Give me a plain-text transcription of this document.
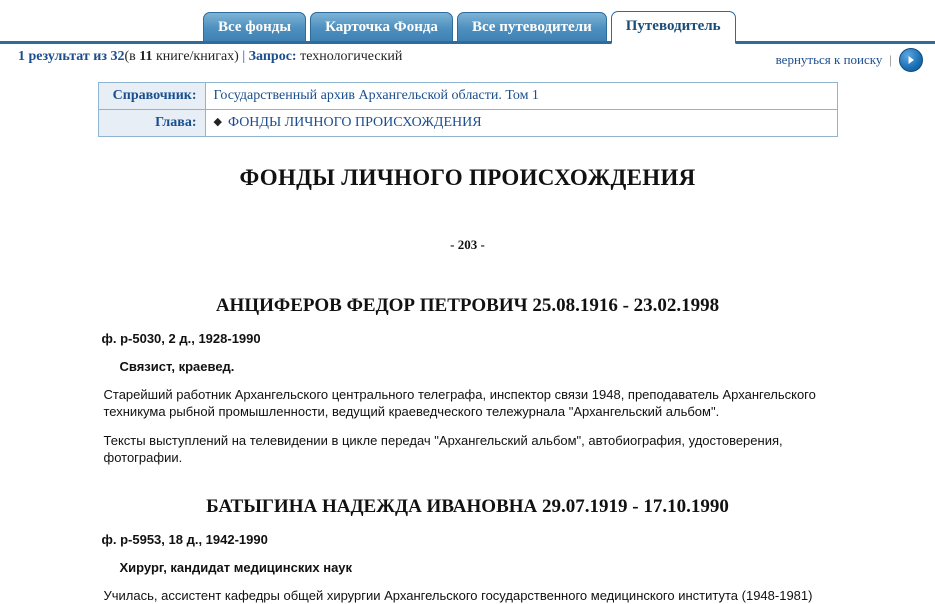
Все фонды	Карточка Фонда	Все путеводители	Путеводитель
1 результат из 32(в 11 книге/книгах) | Запрос: технологический	вернуться к поиску |
Справочник:	Государственный архив Архангельской области. Том 1
Глава:	◆ ФОНДЫ ЛИЧНОГО ПРОИСХОЖДЕНИЯ
ФОНДЫ ЛИЧНОГО ПРОИСХОЖДЕНИЯ
- 203 -
АНЦИФЕРОВ ФЕДОР ПЕТРОВИЧ 25.08.1916 - 23.02.1998
ф. р-5030, 2 д., 1928-1990
Связист, краевед.
Старейший работник Архангельского центрального телеграфа, инспектор связи 1948, преподаватель Архангельского техникума рыбной промышленности, ведущий краеведческого тележурнала "Архангельский альбом".
Тексты выступлений на телевидении в цикле передач "Архангельский альбом", автобиография, удостоверения, фотографии.
БАТЫГИНА НАДЕЖДА ИВАНОВНА 29.07.1919 - 17.10.1990
ф. р-5953, 18 д., 1942-1990
Хирург, кандидат медицинских наук
Училась, ассистент кафедры общей хирургии Архангельского государственного медицинского института (1948-1981)
